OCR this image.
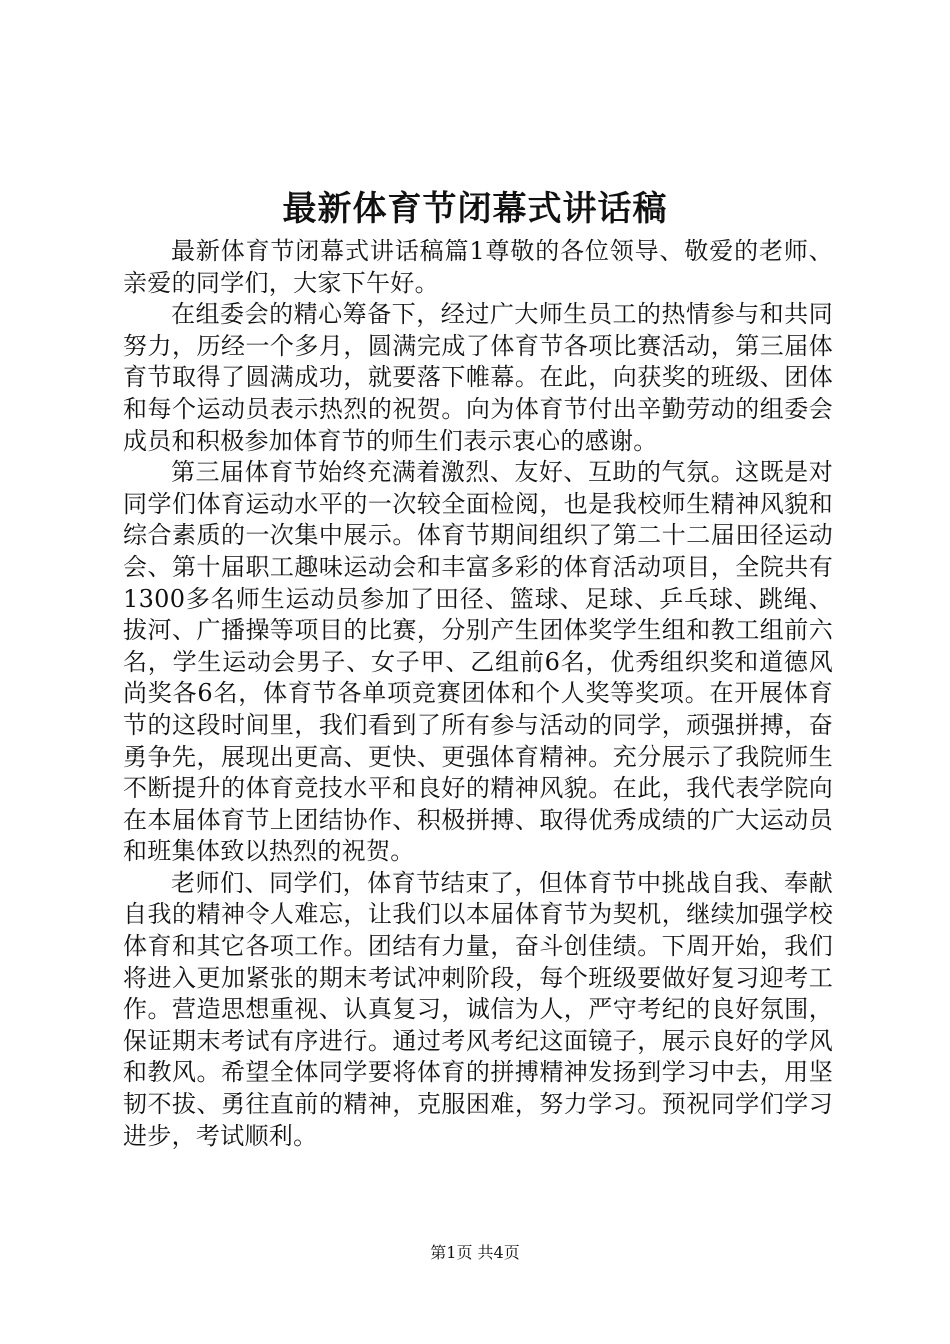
最新体育节闭幕式讲话稿

最新体育节闭幕式讲话稿篇1尊敬的各位领导、敬爱的老师、亲爱的同学们，大家下午好。

在组委会的精心筹备下，经过广大师生员工的热情参与和共同努力，历经一个多月，圆满完成了体育节各项比赛活动，第三届体育节取得了圆满成功，就要落下帷幕。在此，向获奖的班级、团体和每个运动员表示热烈的祝贺。向为体育节付出辛勤劳动的组委会成员和积极参加体育节的师生们表示衷心的感谢。

第三届体育节始终充满着激烈、友好、互助的气氛。这既是对同学们体育运动水平的一次较全面检阅，也是我校师生精神风貌和综合素质的一次集中展示。体育节期间组织了第二十二届田径运动会、第十届职工趣味运动会和丰富多彩的体育活动项目，全院共有1300多名师生运动员参加了田径、篮球、足球、乒乓球、跳绳、拔河、广播操等项目的比赛，分别产生团体奖学生组和教工组前六名，学生运动会男子、女子甲、乙组前6名，优秀组织奖和道德风尚奖各6名，体育节各单项竞赛团体和个人奖等奖项。在开展体育节的这段时间里，我们看到了所有参与活动的同学，顽强拼搏，奋勇争先，展现出更高、更快、更强体育精神。充分展示了我院师生不断提升的体育竞技水平和良好的精神风貌。在此，我代表学院向在本届体育节上团结协作、积极拼搏、取得优秀成绩的广大运动员和班集体致以热烈的祝贺。

老师们、同学们，体育节结束了，但体育节中挑战自我、奉献自我的精神令人难忘，让我们以本届体育节为契机，继续加强学校体育和其它各项工作。团结有力量，奋斗创佳绩。下周开始，我们将进入更加紧张的期末考试冲刺阶段，每个班级要做好复习迎考工作。营造思想重视、认真复习，诚信为人，严守考纪的良好氛围，保证期末考试有序进行。通过考风考纪这面镜子，展示良好的学风和教风。希望全体同学要将体育的拼搏精神发扬到学习中去，用坚韧不拔、勇往直前的精神，克服困难，努力学习。预祝同学们学习进步，考试顺利。

第1页 共4页
